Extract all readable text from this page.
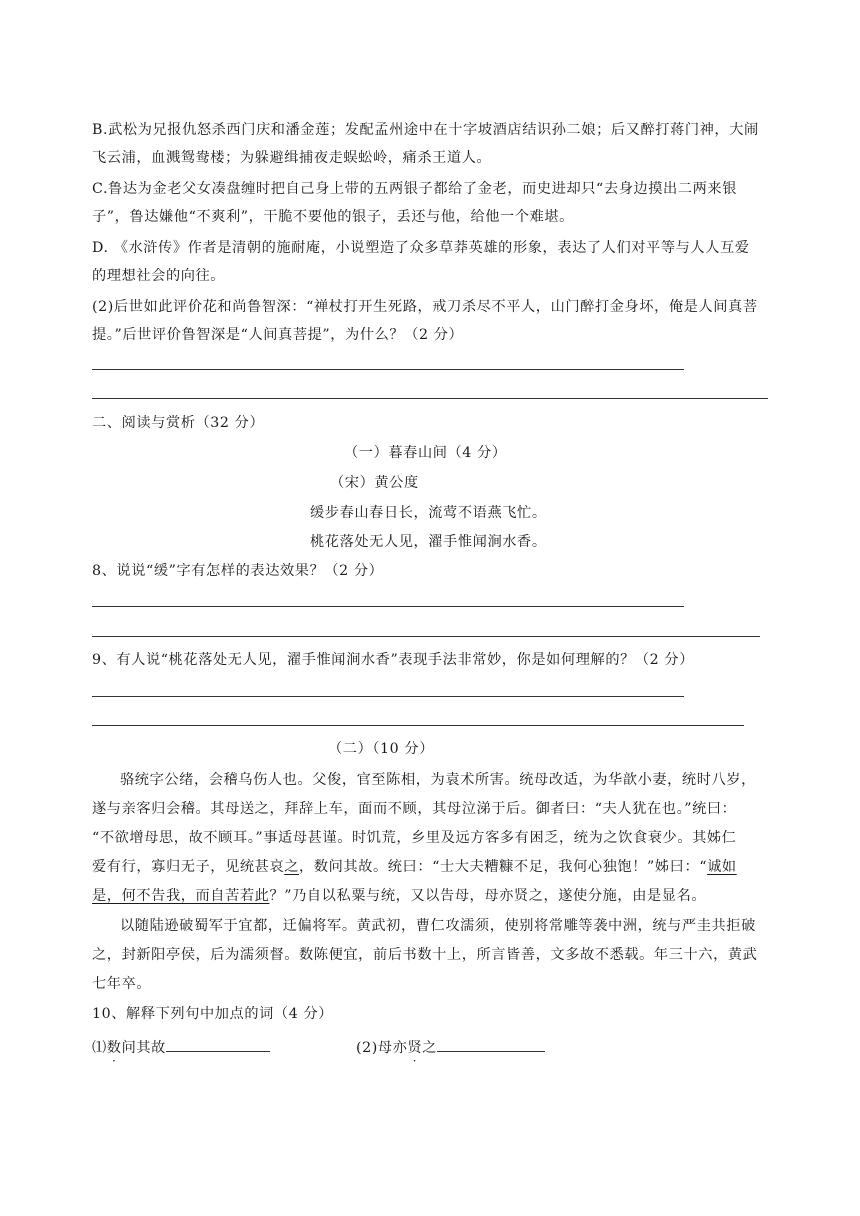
B.武松为兄报仇怒杀西门庆和潘金莲；发配孟州途中在十字坡酒店结识孙二娘；后又醉打蒋门神，大闹
飞云浦，血溅鸳鸯楼；为躲避缉捕夜走蜈蚣岭，痛杀王道人。
C.鲁达为金老父女凑盘缠时把自己身上带的五两银子都给了金老，而史进却只“去身边摸出二两来银
子”，鲁达嫌他“不爽利”，干脆不要他的银子，丢还与他，给他一个难堪。
D. 《水浒传》作者是清朝的施耐庵，小说塑造了众多草莽英雄的形象，表达了人们对平等与人人互爱
的理想社会的向往。
(2)后世如此评价花和尚鲁智深：“禅杖打开生死路，戒刀杀尽不平人，山门醉打金身坏，俺是人间真菩
提。”后世评价鲁智深是“人间真菩提”，为什么？（2 分）
二、阅读与赏析（32 分）
（一）暮春山间（4 分）
（宋）黄公度
缓步春山春日长，流莺不语燕飞忙。
桃花落处无人见，濯手惟闻涧水香。
8、说说“缓”字有怎样的表达效果？（2 分）
9、有人说“桃花落处无人见，濯手惟闻涧水香”表现手法非常妙，你是如何理解的？（2 分）
（二）（10 分）
骆统字公绪，会稽乌伤人也。父俊，官至陈相，为袁术所害。统母改适，为华歆小妻，统时八岁，
遂与亲客归会稽。其母送之，拜辞上车，面而不顾，其母泣涕于后。御者曰：“夫人犹在也。”统曰：
“不欲增母思，故不顾耳。”事适母甚谨。时饥荒，乡里及远方客多有困乏，统为之饮食衰少。其姊仁
爱有行，寡归无子，见统甚哀之，数问其故。统曰：“士大夫糟糠不足，我何心独饱！”姊曰：“诚如
是，何不告我，而自苦若此？”乃自以私粟与统，又以告母，母亦贤之，遂使分施，由是显名。
以随陆逊破蜀军于宜都，迁偏将军。黄武初，曹仁攻濡须，使别将常雕等袭中洲，统与严圭共拒破
之，封新阳亭侯，后为濡须督。数陈便宜，前后书数十上，所言皆善，文多故不悉载。年三十六，黄武
七年卒。
10、解释下列句中加点的词（4 分）
⑴数问其故	(2)母亦贤之
